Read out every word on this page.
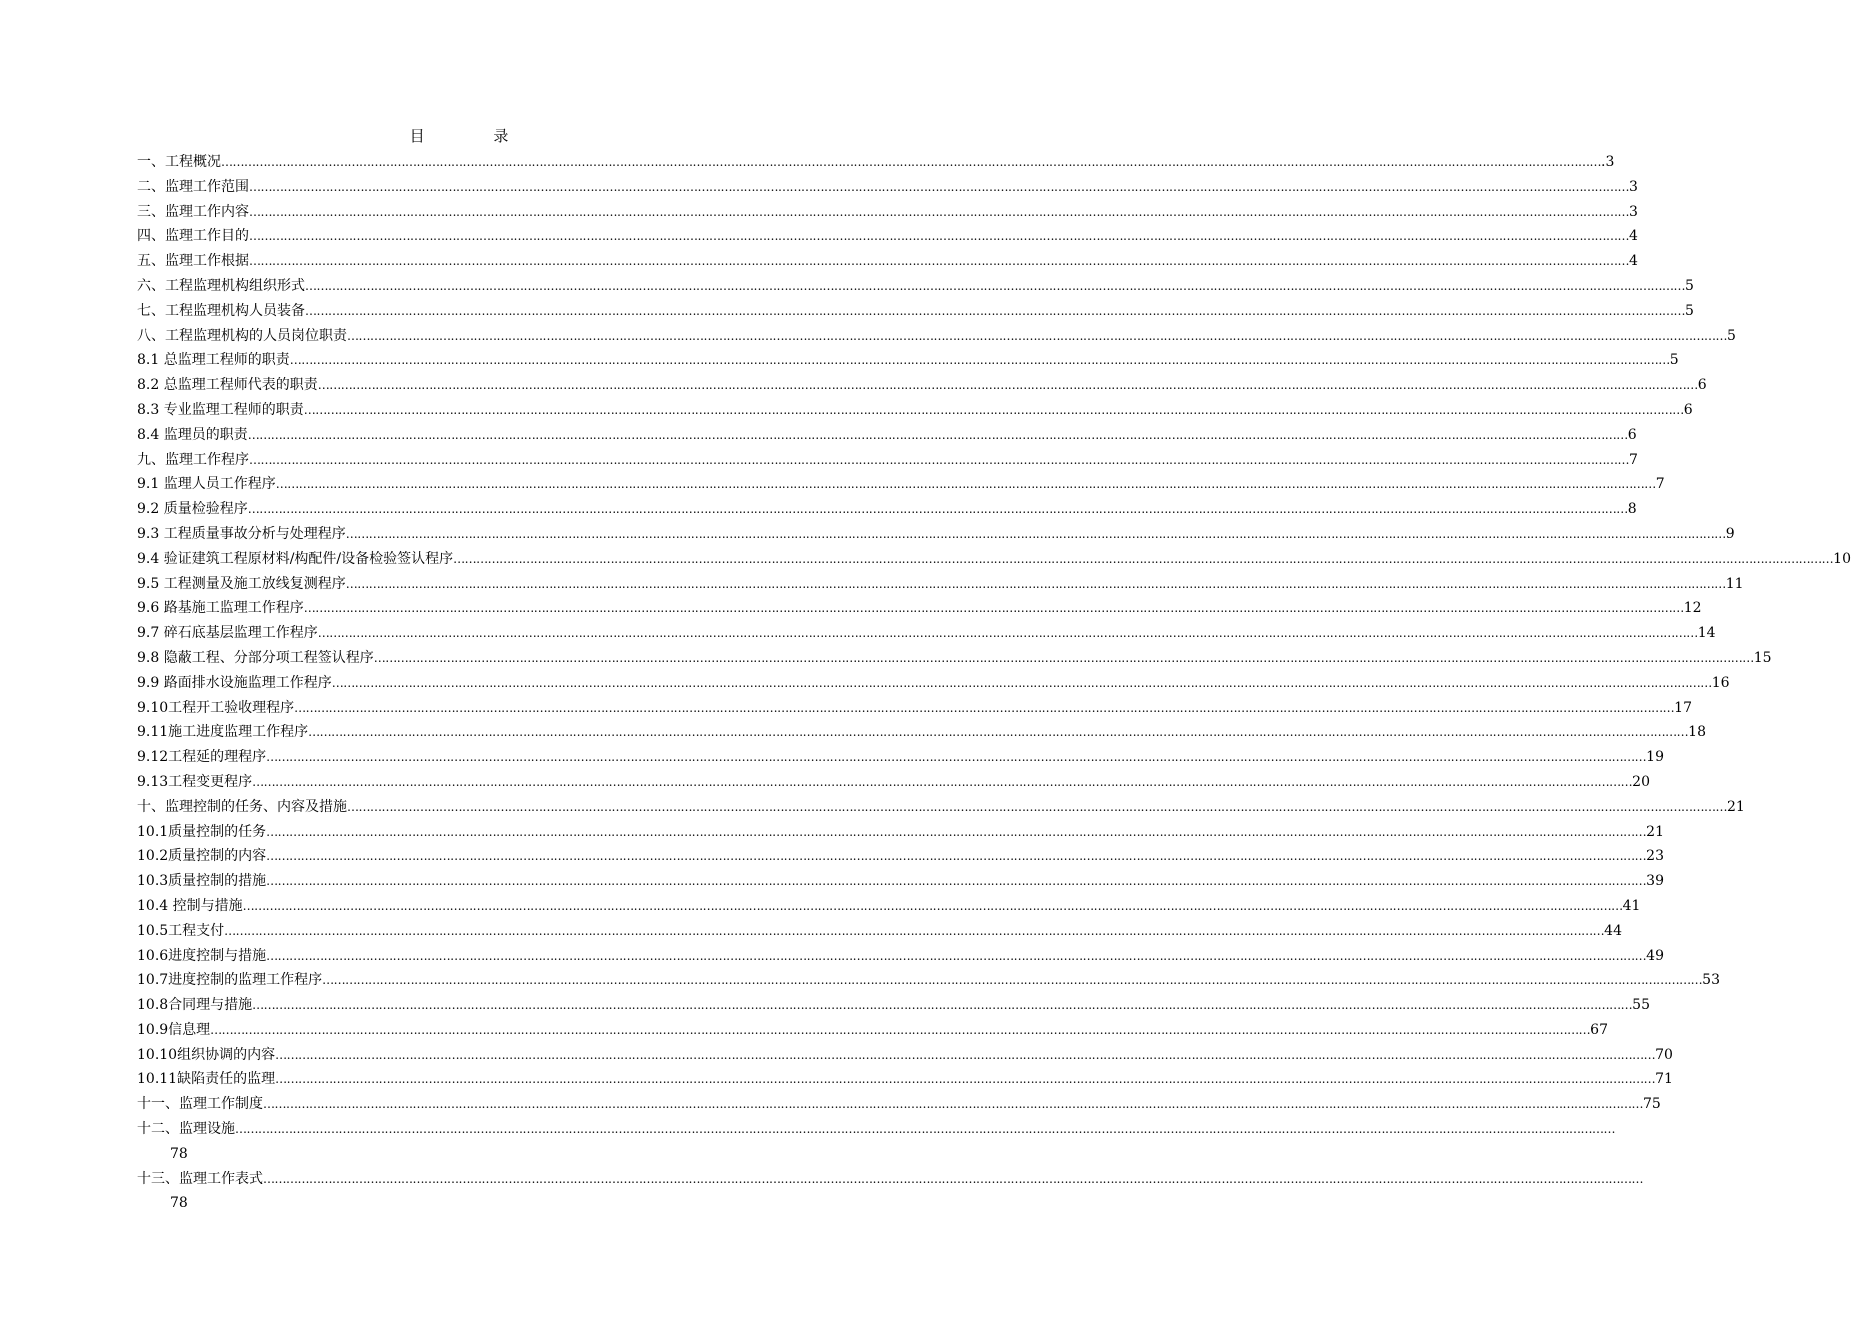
目 录
一、工程概况 ……………………………………………………………………………………………………………………………………………………………………………………………………………………………………………………………………………………………………………………………… .3
二、监理工作范围 ……………………………………………………………………………………………………………………………………………………………………………………………………………………………………………………………………………………………………………………………… 3
三、监理工作内容 ……………………………………………………………………………………………………………………………………………………………………………………………………………………………………………………………………………………………………………………………… 3
四、监理工作目的 ……………………………………………………………………………………………………………………………………………………………………………………………………………………………………………………………………………………………………………………………… 4
五、监理工作根据 ……………………………………………………………………………………………………………………………………………………………………………………………………………………………………………………………………………………………………………………………… 4
六、工程监理机构组织形式 ……………………………………………………………………………………………………………………………………………………………………………………………………………………………………………………………………………………………………………………………… 5
七、工程监理机构人员装备 ……………………………………………………………………………………………………………………………………………………………………………………………………………………………………………………………………………………………………………………………… 5
八、工程监理机构的人员岗位职责 ……………………………………………………………………………………………………………………………………………………………………………………………………………………………………………………………………………………………………………………………… 5
8.1 总监理工程师的职责 ……………………………………………………………………………………………………………………………………………………………………………………………………………………………………………………………………………………………………………………………… 5
8.2 总监理工程师代表的职责 ……………………………………………………………………………………………………………………………………………………………………………………………………………………………………………………………………………………………………………………………… 6
8.3 专业监理工程师的职责 ……………………………………………………………………………………………………………………………………………………………………………………………………………………………………………………………………………………………………………………………… 6
8.4 监理员的职责 ……………………………………………………………………………………………………………………………………………………………………………………………………………………………………………………………………………………………………………………………… 6
九、监理工作程序 ……………………………………………………………………………………………………………………………………………………………………………………………………………………………………………………………………………………………………………………………… 7
9.1 监理人员工作程序 ……………………………………………………………………………………………………………………………………………………………………………………………………………………………………………………………………………………………………………………………… 7
9.2 质量检验程序 ……………………………………………………………………………………………………………………………………………………………………………………………………………………………………………………………………………………………………………………………… 8
9.3 工程质量事故分析与处理程序 ……………………………………………………………………………………………………………………………………………………………………………………………………………………………………………………………………………………………………………………………… 9
9.4 验证建筑工程原材料/构配件/设备检验签认程序 ……………………………………………………………………………………………………………………………………………………………………………………………………………………………………………………………………………………………………………………………… 10
9.5 工程测量及施工放线复测程序 ……………………………………………………………………………………………………………………………………………………………………………………………………………………………………………………………………………………………………………………………… 11
9.6 路基施工监理工作程序 ……………………………………………………………………………………………………………………………………………………………………………………………………………………………………………………………………………………………………………………………… 12
9.7 碎石底基层监理工作程序 ……………………………………………………………………………………………………………………………………………………………………………………………………………………………………………………………………………………………………………………………… 14
9.8 隐蔽工程、分部分项工程签认程序 ……………………………………………………………………………………………………………………………………………………………………………………………………………………………………………………………………………………………………………………………… 15
9.9 路面排水设施监理工作程序 ……………………………………………………………………………………………………………………………………………………………………………………………………………………………………………………………………………………………………………………………… 16
9.10工程开工验收理程序 ……………………………………………………………………………………………………………………………………………………………………………………………………………………………………………………………………………………………………………………………… 17
9.11施工进度监理工作程序 ……………………………………………………………………………………………………………………………………………………………………………………………………………………………………………………………………………………………………………………………… 18
9.12工程延的理程序 ……………………………………………………………………………………………………………………………………………………………………………………………………………………………………………………………………………………………………………………………… 19
9.13工程变更程序 ……………………………………………………………………………………………………………………………………………………………………………………………………………………………………………………………………………………………………………………………… 20
十、监理控制的任务、内容及措施 ……………………………………………………………………………………………………………………………………………………………………………………………………………………………………………………………………………………………………………………………… 21
10.1质量控制的任务 ……………………………………………………………………………………………………………………………………………………………………………………………………………………………………………………………………………………………………………………………… 21
10.2质量控制的内容 ……………………………………………………………………………………………………………………………………………………………………………………………………………………………………………………………………………………………………………………………… 23
10.3质量控制的措施 ……………………………………………………………………………………………………………………………………………………………………………………………………………………………………………………………………………………………………………………………… 39
10.4 控制与措施 ……………………………………………………………………………………………………………………………………………………………………………………………………………………………………………………………………………………………………………………………… 41
10.5工程支付 ……………………………………………………………………………………………………………………………………………………………………………………………………………………………………………………………………………………………………………………………… 44
10.6进度控制与措施 ……………………………………………………………………………………………………………………………………………………………………………………………………………………………………………………………………………………………………………………………… 49
10.7进度控制的监理工作程序 ……………………………………………………………………………………………………………………………………………………………………………………………………………………………………………………………………………………………………………………………… 53
10.8合同理与措施 ……………………………………………………………………………………………………………………………………………………………………………………………………………………………………………………………………………………………………………………………… 55
10.9信息理 ……………………………………………………………………………………………………………………………………………………………………………………………………………………………………………………………………………………………………………………………… 67
10.10组织协调的内容 ……………………………………………………………………………………………………………………………………………………………………………………………………………………………………………………………………………………………………………………………… 70
10.11缺陷责任的监理 ……………………………………………………………………………………………………………………………………………………………………………………………………………………………………………………………………………………………………………………………… 71
十一、监理工作制度 ……………………………………………………………………………………………………………………………………………………………………………………………………………………………………………………………………………………………………………………………… 75
十二、监理设施 ………………………………………………………………………………………………………………………………………………………………………………………………………………………………………………………………………………………………………………………………
78
十三、监理工作表式 ………………………………………………………………………………………………………………………………………………………………………………………………………………………………………………………………………………………………………………………………
78
